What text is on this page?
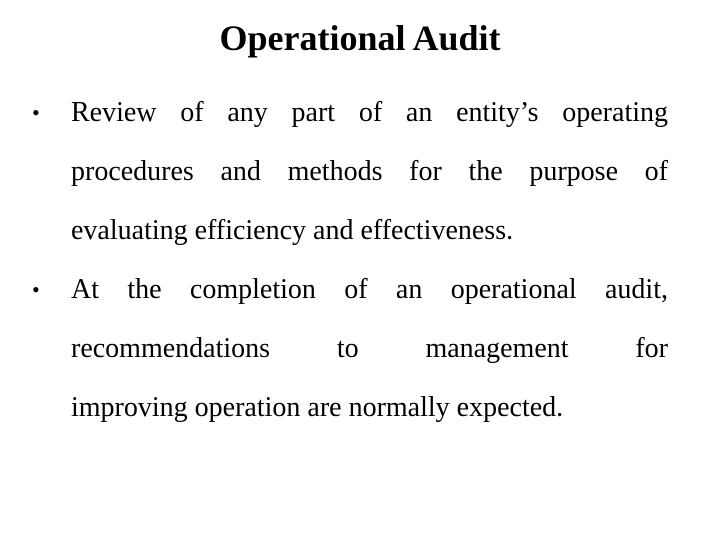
Operational Audit
• Review of any part of an entity’s operating
procedures and methods for the purpose of
evaluating efficiency and effectiveness.
• At the completion of an operational audit,
recommendations to management for
improving operation are normally expected.
